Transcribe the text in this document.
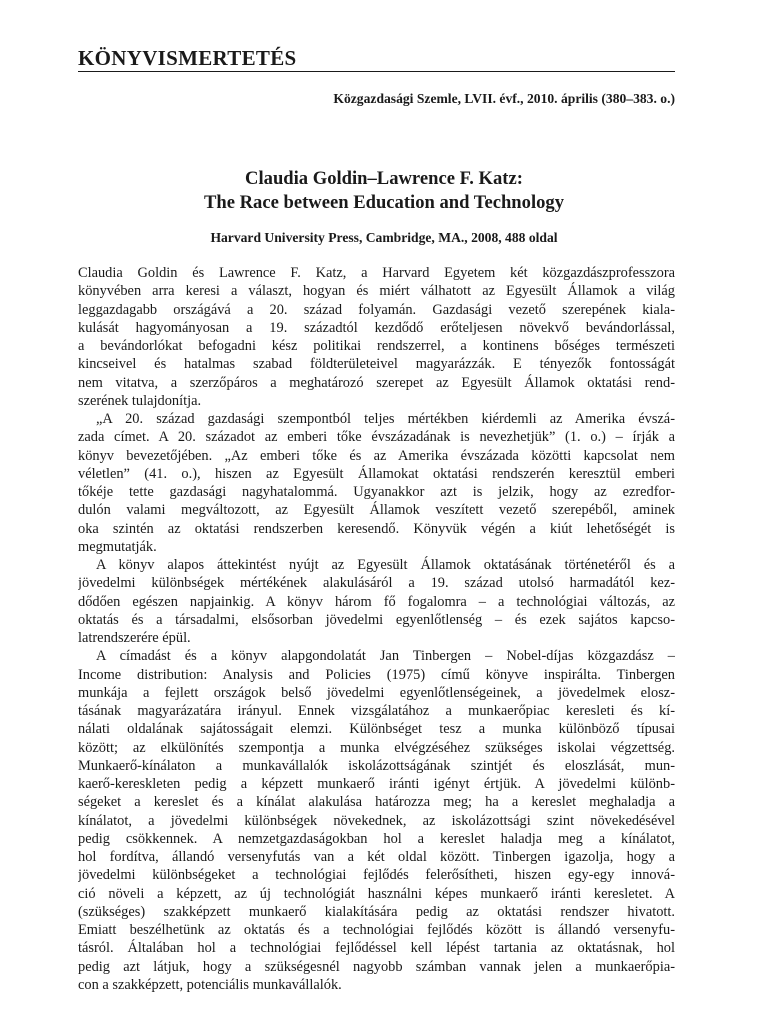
KÖNYVISMERTETÉS
Közgazdasági Szemle, LVII. évf., 2010. április (380–383. o.)
Claudia Goldin–Lawrence F. Katz:
The Race between Education and Technology
Harvard University Press, Cambridge, MA., 2008, 488 oldal
Claudia Goldin és Lawrence F. Katz, a Harvard Egyetem két közgazdászprofesszora
könyvében arra keresi a választ, hogyan és miért válhatott az Egyesült Államok a világ
leggazdagabb országává a 20. század folyamán. Gazdasági vezető szerepének kiala-
kulását hagyományosan a 19. századtól kezdődő erőteljesen növekvő bevándorlással,
a bevándorlókat befogadni kész politikai rendszerrel, a kontinens bőséges természeti
kincseivel és hatalmas szabad földterületeivel magyarázzák. E tényezők fontosságát
nem vitatva, a szerzőpáros a meghatározó szerepet az Egyesült Államok oktatási rend-
szerének tulajdonítja.
„A 20. század gazdasági szempontból teljes mértékben kiérdemli az Amerika évszá-
zada címet. A 20. századot az emberi tőke évszázadának is nevezhetjük” (1. o.) – írják a
könyv bevezetőjében. „Az emberi tőke és az Amerika évszázada közötti kapcsolat nem
véletlen” (41. o.), hiszen az Egyesült Államokat oktatási rendszerén keresztül emberi
tőkéje tette gazdasági nagyhatalommá. Ugyanakkor azt is jelzik, hogy az ezredfor-
dulón valami megváltozott, az Egyesült Államok veszített vezető szerepéből, aminek
oka szintén az oktatási rendszerben keresendő. Könyvük végén a kiút lehetőségét is
megmutatják.
A könyv alapos áttekintést nyújt az Egyesült Államok oktatásának történetéről és a
jövedelmi különbségek mértékének alakulásáról a 19. század utolsó harmadától kez-
dődően egészen napjainkig. A könyv három fő fogalomra – a technológiai változás, az
oktatás és a társadalmi, elsősorban jövedelmi egyenlőtlenség – és ezek sajátos kapcso-
latrendszerére épül.
A címadást és a könyv alapgondolatát Jan Tinbergen – Nobel-díjas közgazdász –
Income distribution: Analysis and Policies (1975) című könyve inspirálta. Tinbergen
munkája a fejlett országok belső jövedelmi egyenlőtlenségeinek, a jövedelmek elosz-
tásának magyarázatára irányul. Ennek vizsgálatához a munkaerőpiac keresleti és kí-
nálati oldalának sajátosságait elemzi. Különbséget tesz a munka különböző típusai
között; az elkülönítés szempontja a munka elvégzéséhez szükséges iskolai végzettség.
Munkaerő-kínálaton a munkavállalók iskolázottságának szintjét és eloszlását, mun-
kaerő-kereskleten pedig a képzett munkaerő iránti igényt értjük. A jövedelmi különb-
ségeket a kereslet és a kínálat alakulása határozza meg; ha a kereslet meghaladja a
kínálatot, a jövedelmi különbségek növekednek, az iskolázottsági szint növekedésével
pedig csökkennek. A nemzetgazdaságokban hol a kereslet haladja meg a kínálatot,
hol fordítva, állandó versenyfutás van a két oldal között. Tinbergen igazolja, hogy a
jövedelmi különbségeket a technológiai fejlődés felerősítheti, hiszen egy-egy innová-
ció növeli a képzett, az új technológiát használni képes munkaerő iránti keresletet. A
(szükséges) szakképzett munkaerő kialakítására pedig az oktatási rendszer hivatott.
Emiatt beszélhetünk az oktatás és a technológiai fejlődés között is állandó versenyfu-
tásról. Általában hol a technológiai fejlődéssel kell lépést tartania az oktatásnak, hol
pedig azt látjuk, hogy a szükségesnél nagyobb számban vannak jelen a munkaerőpia-
con a szakképzett, potenciális munkavállalók.
